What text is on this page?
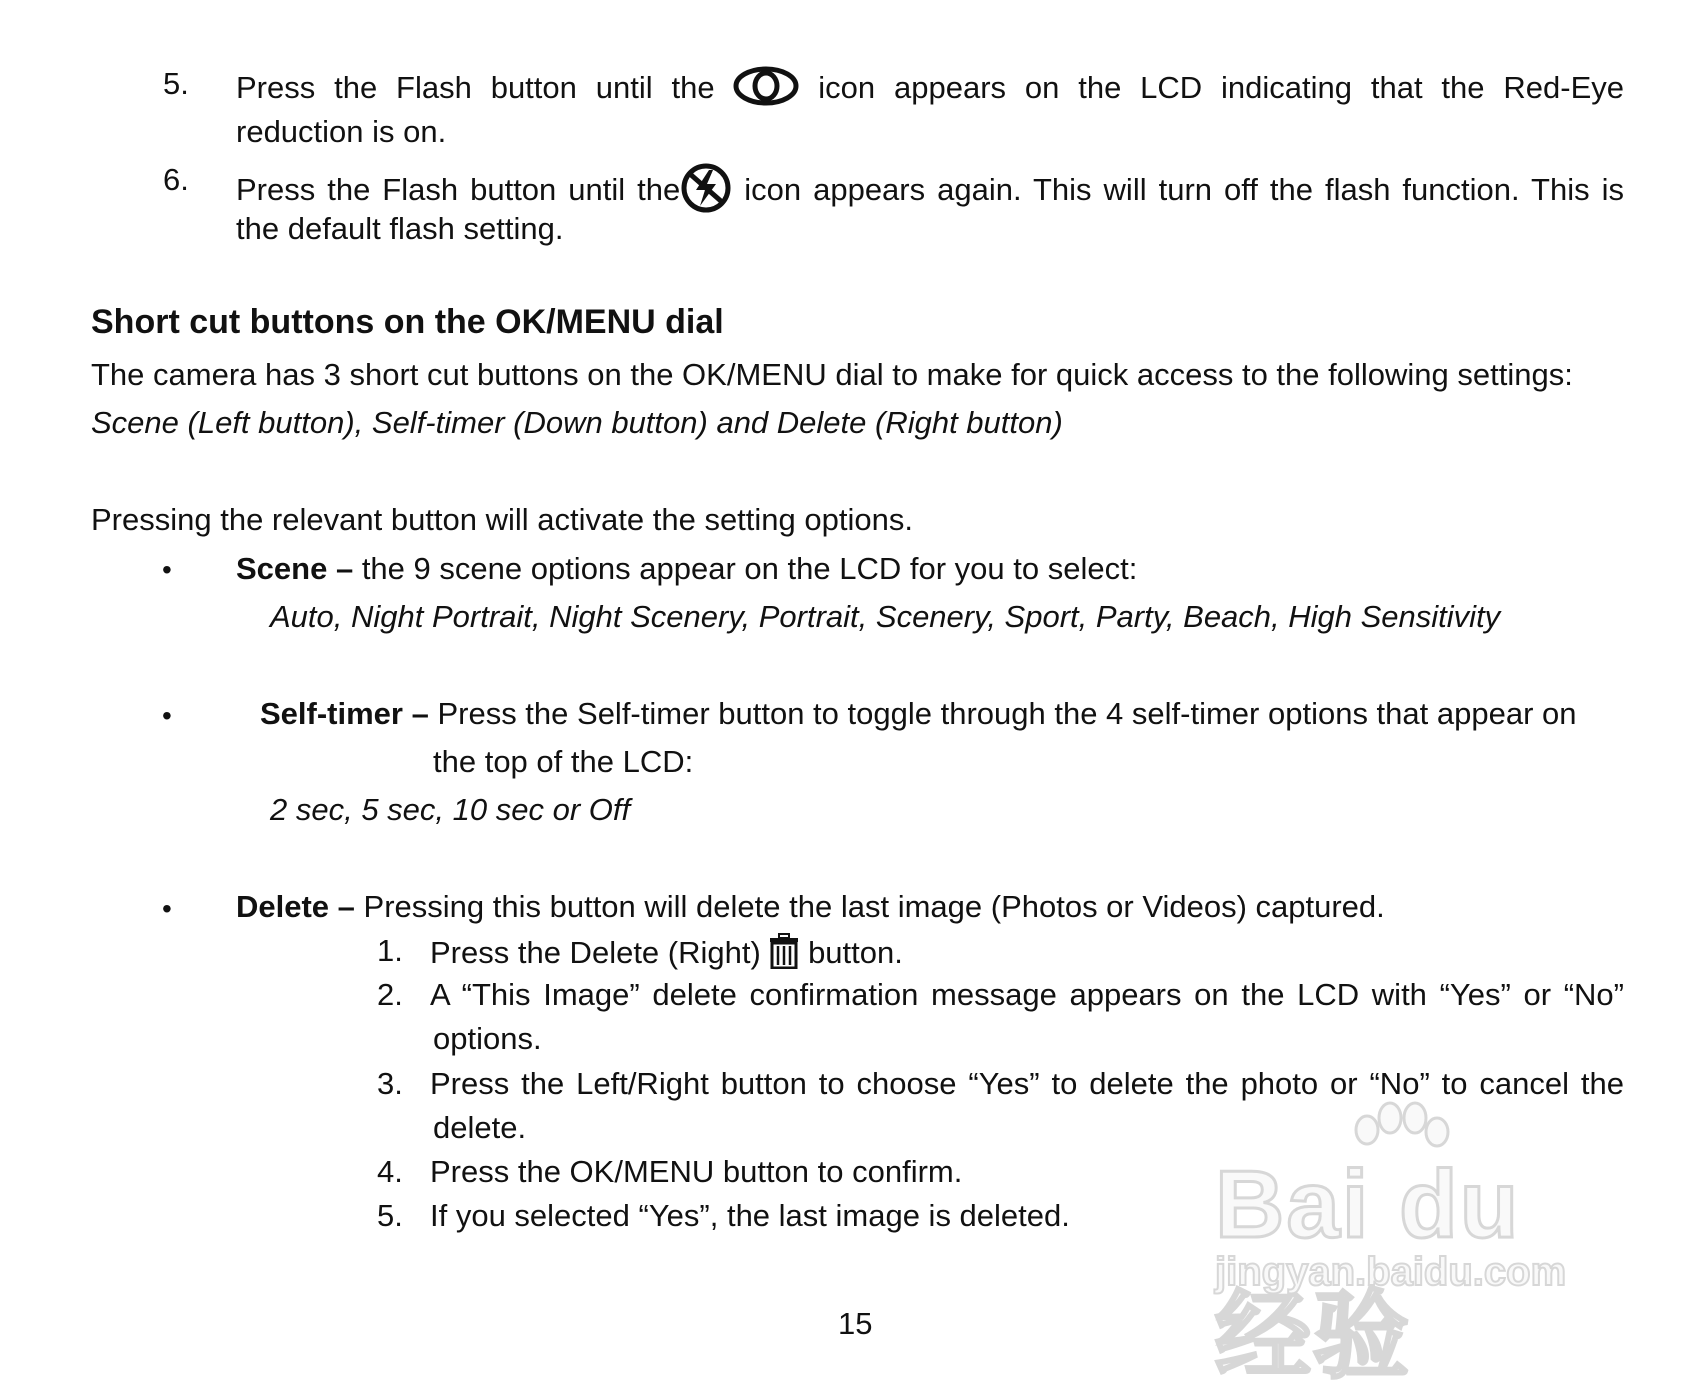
5. Press the Flash button until the	icon appears on the LCD indicating that the Red-Eye
reduction is on.
6. Press the Flash button until the icon appears again. This will turn off the flash function. This is
the default flash setting.
Short cut buttons on the OK/MENU dial
The camera has 3 short cut buttons on the OK/MENU dial to make for quick access to the following settings:
Scene (Left button), Self-timer (Down button) and Delete (Right button)
Pressing the relevant button will activate the setting options.
• Scene – the 9 scene options appear on the LCD for you to select:
Auto, Night Portrait, Night Scenery, Portrait, Scenery, Sport, Party, Beach, High Sensitivity
•	Self-timer – Press the Self-timer button to toggle through the 4 self-timer options that appear on
the top of the LCD:
2 sec, 5 sec, 10 sec or Off
• Delete – Pressing this button will delete the last image (Photos or Videos) captured.
1. Press the Delete (Right) button.
2. A “This Image” delete confirmation message appears on the LCD with “Yes” or “No”
options.
3. Press the Left/Right button to choose “Yes” to delete the photo or “No” to cancel the
delete.
4. Press the OK/MENU button to confirm.
5. If you selected “Yes”, the last image is deleted. Bai du 经验
jingyan.baidu.com
15
